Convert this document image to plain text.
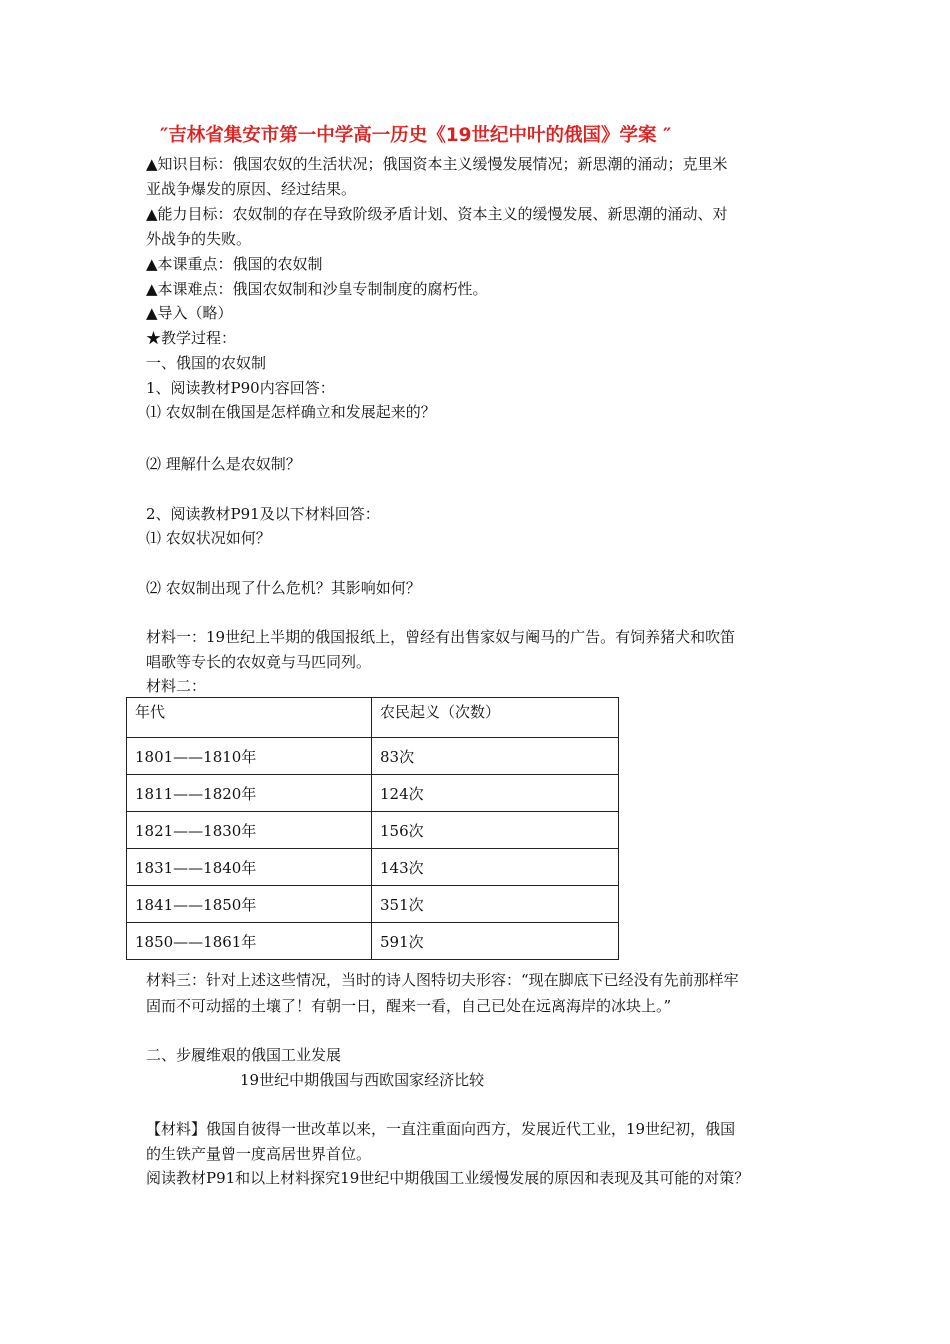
″吉林省集安市第一中学高一历史《19世纪中叶的俄国》学案 ″
▲知识目标：俄国农奴的生活状况；俄国资本主义缓慢发展情况；新思潮的涌动；克里米
亚战争爆发的原因、经过结果。
▲能力目标：农奴制的存在导致阶级矛盾计划、资本主义的缓慢发展、新思潮的涌动、对
外战争的失败。
▲本课重点：俄国的农奴制
▲本课难点：俄国农奴制和沙皇专制制度的腐朽性。
▲导入（略）
★教学过程：
一、俄国的农奴制
1、阅读教材P90内容回答：
⑴ 农奴制在俄国是怎样确立和发展起来的？
⑵ 理解什么是农奴制？
2、阅读教材P91及以下材料回答：
⑴ 农奴状况如何？
⑵ 农奴制出现了什么危机？其影响如何？
材料一：19世纪上半期的俄国报纸上，曾经有出售家奴与阉马的广告。有饲养猪犬和吹笛
唱歌等专长的农奴竟与马匹同列。
材料二：
年代	农民起义（次数）
1801——1810年	83次
1811——1820年	124次
1821——1830年	156次
1831——1840年	143次
1841——1850年	351次
1850——1861年	591次
材料三：针对上述这些情况，当时的诗人图特切夫形容：“现在脚底下已经没有先前那样牢
固而不可动摇的土壤了！有朝一日，醒来一看，自己已处在远离海岸的冰块上。”
二、步履维艰的俄国工业发展
19世纪中期俄国与西欧国家经济比较
【材料】俄国自彼得一世改革以来，一直注重面向西方，发展近代工业，19世纪初，俄国
的生铁产量曾一度高居世界首位。
阅读教材P91和以上材料探究19世纪中期俄国工业缓慢发展的原因和表现及其可能的对策？
